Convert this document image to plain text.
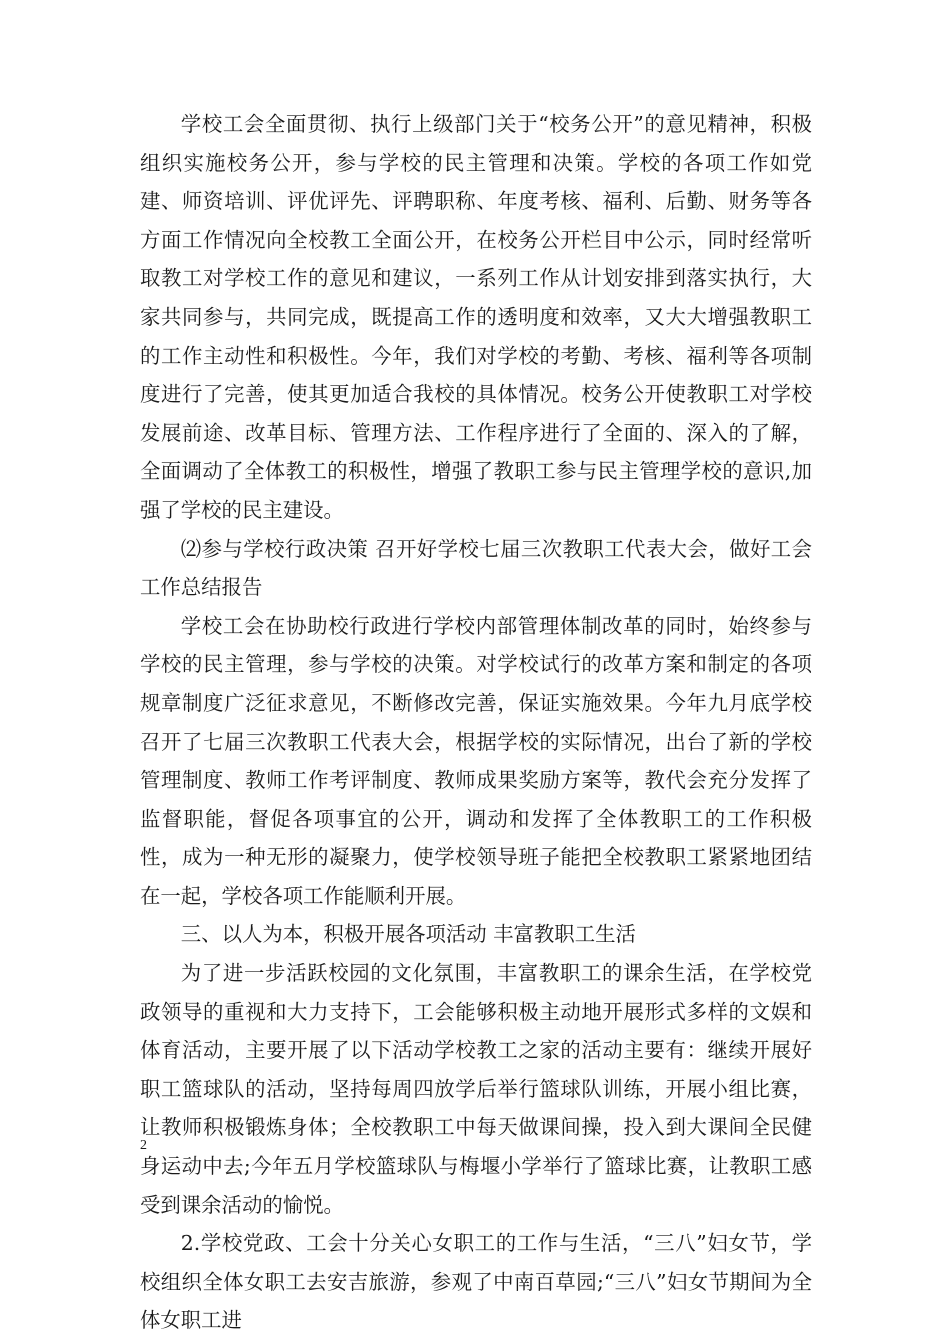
学校工会全面贯彻、执行上级部门关于“校务公开”的意见精神，积极组织实施校务公开，参与学校的民主管理和决策。学校的各项工作如党建、师资培训、评优评先、评聘职称、年度考核、福利、后勤、财务等各方面工作情况向全校教工全面公开，在校务公开栏目中公示，同时经常听取教工对学校工作的意见和建议，一系列工作从计划安排到落实执行，大家共同参与，共同完成，既提高工作的透明度和效率，又大大增强教职工的工作主动性和积极性。今年，我们对学校的考勤、考核、福利等各项制度进行了完善，使其更加适合我校的具体情况。校务公开使教职工对学校发展前途、改革目标、管理方法、工作程序进行了全面的、深入的了解，全面调动了全体教工的积极性，增强了教职工参与民主管理学校的意识,加强了学校的民主建设。

⑵参与学校行政决策 召开好学校七届三次教职工代表大会，做好工会工作总结报告

学校工会在协助校行政进行学校内部管理体制改革的同时，始终参与学校的民主管理，参与学校的决策。对学校试行的改革方案和制定的各项规章制度广泛征求意见，不断修改完善，保证实施效果。今年九月底学校召开了七届三次教职工代表大会，根据学校的实际情况，出台了新的学校管理制度、教师工作考评制度、教师成果奖励方案等，教代会充分发挥了监督职能，督促各项事宜的公开，调动和发挥了全体教职工的工作积极性，成为一种无形的凝聚力，使学校领导班子能把全校教职工紧紧地团结在一起，学校各项工作能顺利开展。

三、以人为本，积极开展各项活动 丰富教职工生活

为了进一步活跃校园的文化氛围，丰富教职工的课余生活，在学校党政领导的重视和大力支持下，工会能够积极主动地开展形式多样的文娱和体育活动，主要开展了以下活动学校教工之家的活动主要有：继续开展好职工篮球队的活动，坚持每周四放学后举行篮球队训练，开展小组比赛，让教师积极锻炼身体；全校教职工中每天做课间操，投入到大课间全民健身运动中去;今年五月学校篮球队与梅堰小学举行了篮球比赛，让教职工感受到课余活动的愉悦。

2.学校党政、工会十分关心女职工的工作与生活，“三八”妇女节，学校组织全体女职工去安吉旅游，参观了中南百草园;“三八”妇女节期间为全体女职工进

2
